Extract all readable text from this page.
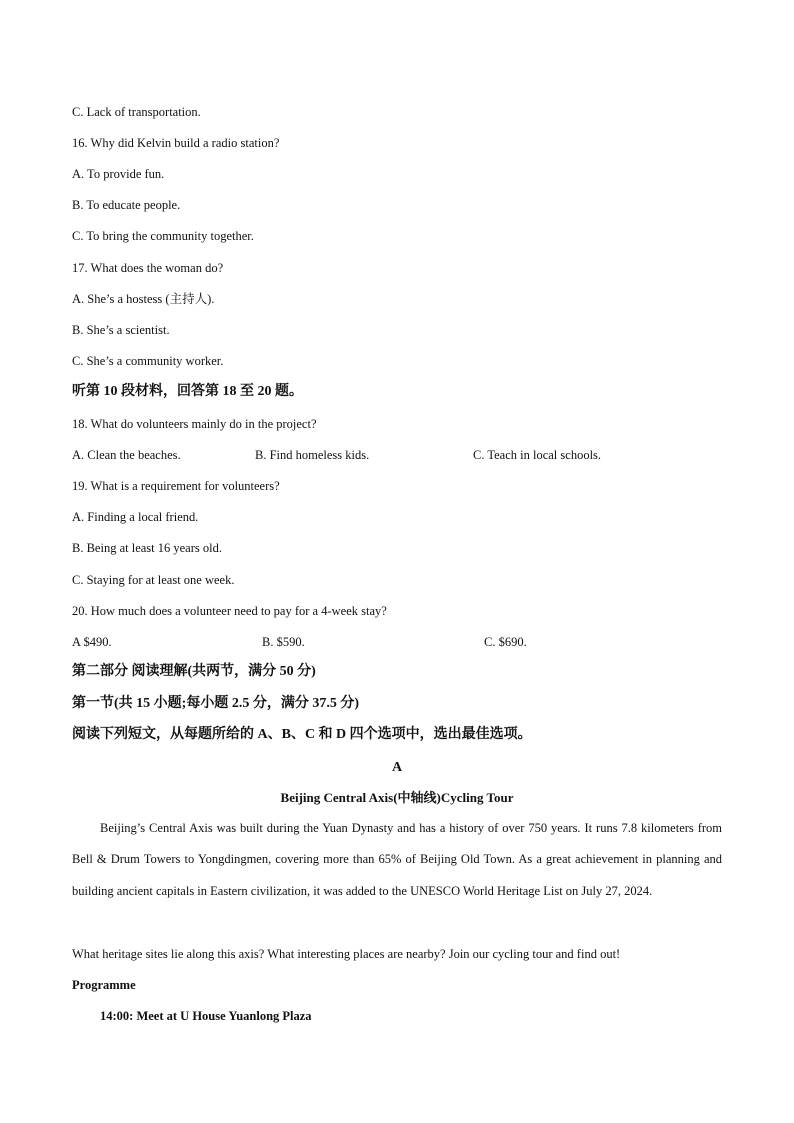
C. Lack of transportation.
16. Why did Kelvin build a radio station?
A. To provide fun.
B. To educate people.
C. To bring the community together.
17. What does the woman do?
A. She’s a hostess (主持人).
B. She’s a scientist.
C. She’s a community worker.
听第 10 段材料，回答第 18 至 20 题。
18. What do volunteers mainly do in the project?
A. Clean the beaches.	B. Find homeless kids.	C. Teach in local schools.
19. What is a requirement for volunteers?
A. Finding a local friend.
B. Being at least 16 years old.
C. Staying for at least one week.
20. How much does a volunteer need to pay for a 4-week stay?
A $490.	B. $590.	C. $690.
第二部分 阅读理解(共两节，满分 50 分)
第一节(共 15 小题;每小题 2.5 分，满分 37.5 分)
阅读下列短文，从每题所给的 A、B、C 和 D 四个选项中，选出最佳选项。
A
Beijing Central Axis(中轴线)Cycling Tour
Beijing’s Central Axis was built during the Yuan Dynasty and has a history of over 750 years. It runs 7.8 kilometers from Bell & Drum Towers to Yongdingmen, covering more than 65% of Beijing Old Town. As a great achievement in planning and building ancient capitals in Eastern civilization, it was added to the UNESCO World Heritage List on July 27, 2024.
What heritage sites lie along this axis? What interesting places are nearby? Join our cycling tour and find out!
Programme
14:00: Meet at U House Yuanlong Plaza
